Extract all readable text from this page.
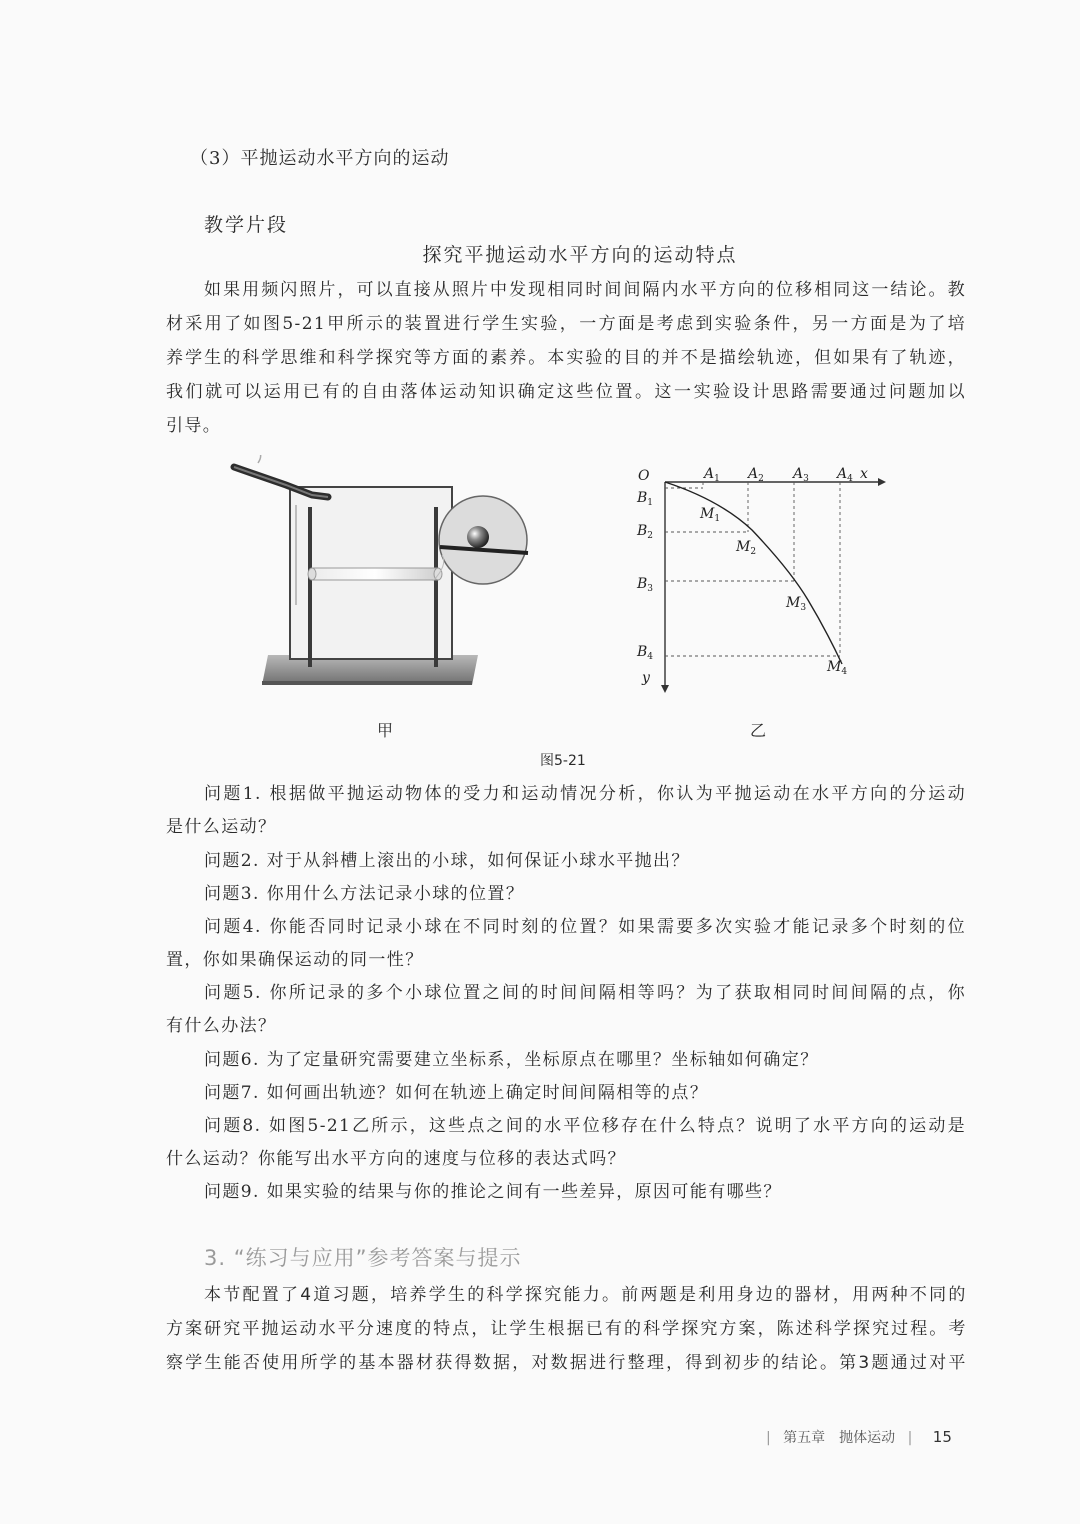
（3）平抛运动水平方向的运动
教学片段
探究平抛运动水平方向的运动特点
如果用频闪照片，可以直接从照片中发现相同时间间隔内水平方向的位移相同这一结论。教
材采用了如图5-21甲所示的装置进行学生实验，一方面是考虑到实验条件，另一方面是为了培
养学生的科学思维和科学探究等方面的素养。本实验的目的并不是描绘轨迹，但如果有了轨迹，
我们就可以运用已有的自由落体运动知识确定这些位置。这一实验设计思路需要通过问题加以
引导。
甲
O	x
y
$A_1$ $A_2$ $A_3$ $A_4$
$B_1$
$B_2$
$B_3$
$B_4$
$M_1$
$M_2$
$M_3$
$M_4$
乙
图5-21
问题1. 根据做平抛运动物体的受力和运动情况分析，你认为平抛运动在水平方向的分运动
是什么运动？
问题2. 对于从斜槽上滚出的小球，如何保证小球水平抛出？
问题3. 你用什么方法记录小球的位置？
问题4. 你能否同时记录小球在不同时刻的位置？如果需要多次实验才能记录多个时刻的位
置，你如果确保运动的同一性？
问题5. 你所记录的多个小球位置之间的时间间隔相等吗？为了获取相同时间间隔的点，你
有什么办法？
问题6. 为了定量研究需要建立坐标系，坐标原点在哪里？坐标轴如何确定？
问题7. 如何画出轨迹？如何在轨迹上确定时间间隔相等的点？
问题8. 如图5-21乙所示，这些点之间的水平位移存在什么特点？说明了水平方向的运动是
什么运动？你能写出水平方向的速度与位移的表达式吗？
问题9. 如果实验的结果与你的推论之间有一些差异，原因可能有哪些？
3. “练习与应用”参考答案与提示
本节配置了4道习题，培养学生的科学探究能力。前两题是利用身边的器材，用两种不同的
方案研究平抛运动水平分速度的特点，让学生根据已有的科学探究方案，陈述科学探究过程。考
察学生能否使用所学的基本器材获得数据，对数据进行整理，得到初步的结论。第3题通过对平
| 第五章　抛体运动 | 15
